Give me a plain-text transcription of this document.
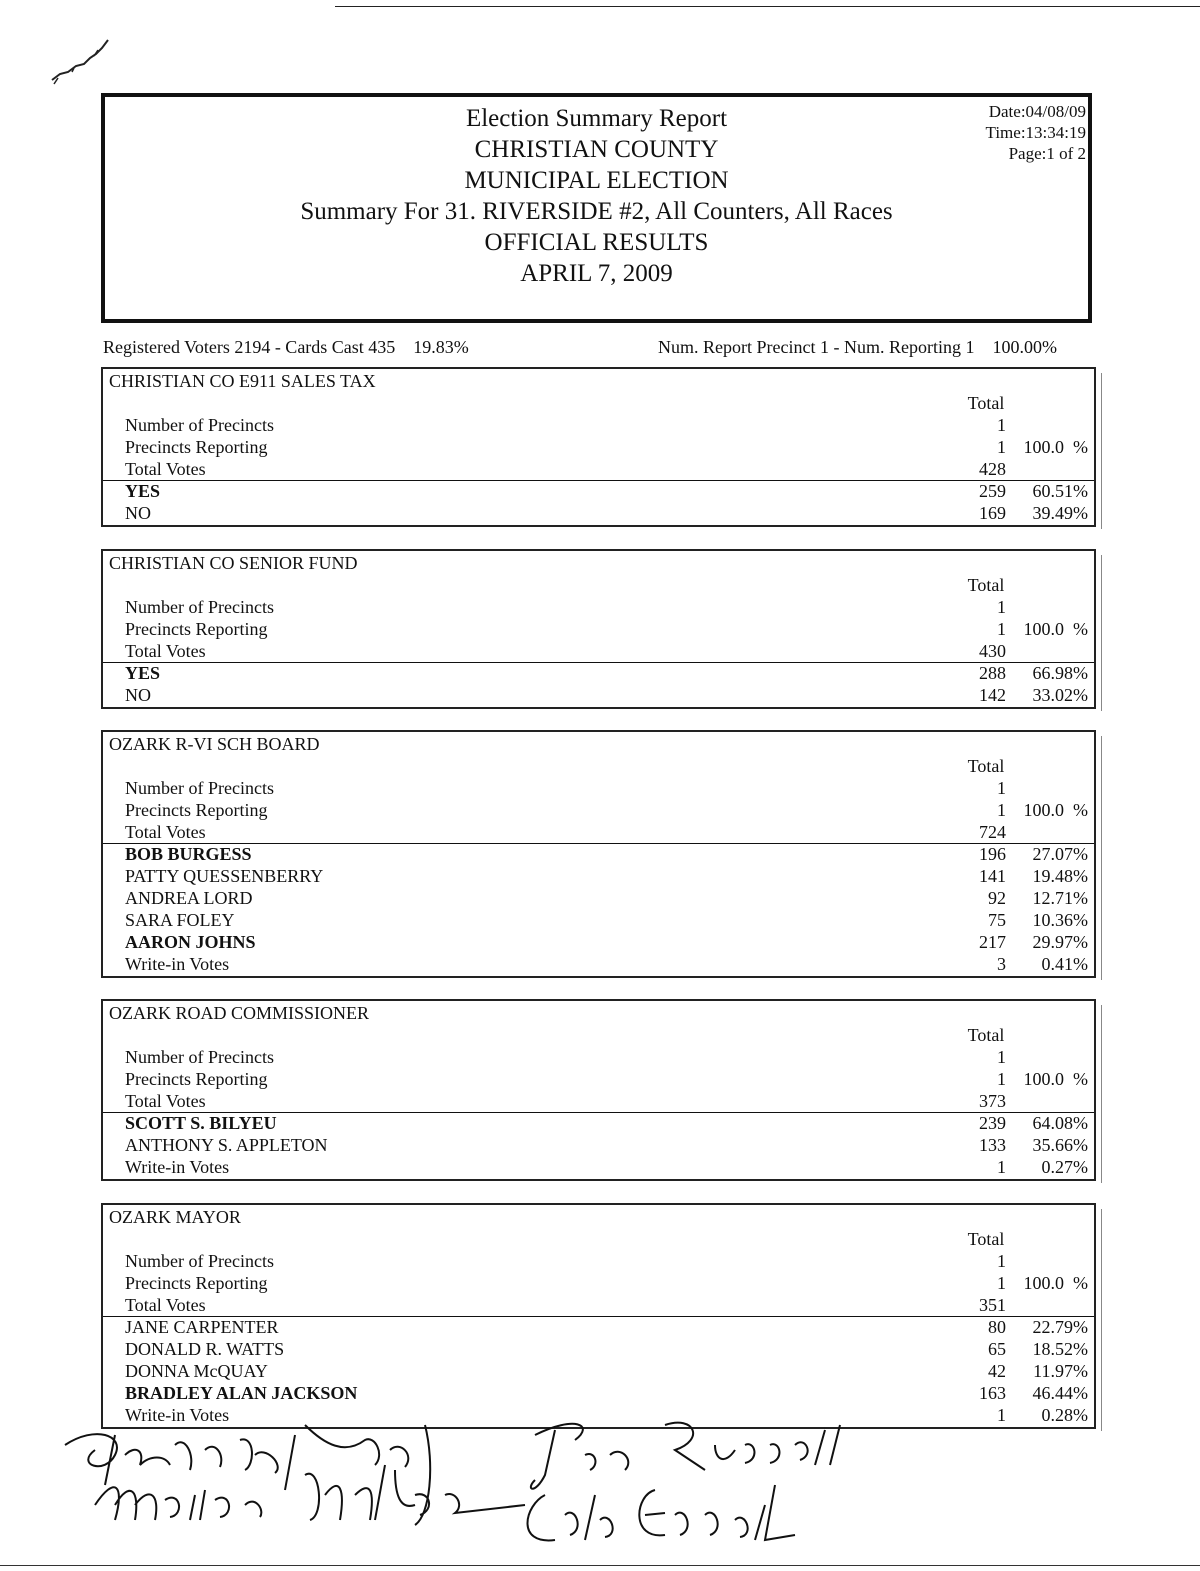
Election Summary Report
CHRISTIAN COUNTY
MUNICIPAL ELECTION
Summary For 31. RIVERSIDE #2, All Counters, All Races
OFFICIAL RESULTS
APRIL 7, 2009
Date:04/08/09
Time:13:34:19
Page:1 of 2
Registered Voters 2194 - Cards Cast 435    19.83%	Num. Report Precinct 1 - Num. Reporting 1    100.00%
CHRISTIAN CO E911 SALES TAX
Total
Number of Precincts	1
Precincts Reporting	1 100.0  %
Total Votes	428
YES	259 60.51%
NO	169 39.49%
CHRISTIAN CO SENIOR FUND
Total
Number of Precincts	1
Precincts Reporting	1 100.0  %
Total Votes	430
YES	288 66.98%
NO	142 33.02%
OZARK R-VI SCH BOARD
Total
Number of Precincts	1
Precincts Reporting	1 100.0  %
Total Votes	724
BOB BURGESS	196 27.07%
PATTY QUESSENBERRY	141 19.48%
ANDREA LORD	92 12.71%
SARA FOLEY	75 10.36%
AARON JOHNS	217 29.97%
Write-in Votes	3 0.41%
OZARK ROAD COMMISSIONER
Total
Number of Precincts	1
Precincts Reporting	1 100.0  %
Total Votes	373
SCOTT S. BILYEU	239 64.08%
ANTHONY S. APPLETON	133 35.66%
Write-in Votes	1 0.27%
OZARK MAYOR
Total
Number of Precincts	1
Precincts Reporting	1 100.0  %
Total Votes	351
JANE CARPENTER	80 22.79%
DONALD R. WATTS	65 18.52%
DONNA McQUAY	42 11.97%
BRADLEY ALAN JACKSON	163 46.44%
Write-in Votes	1 0.28%
